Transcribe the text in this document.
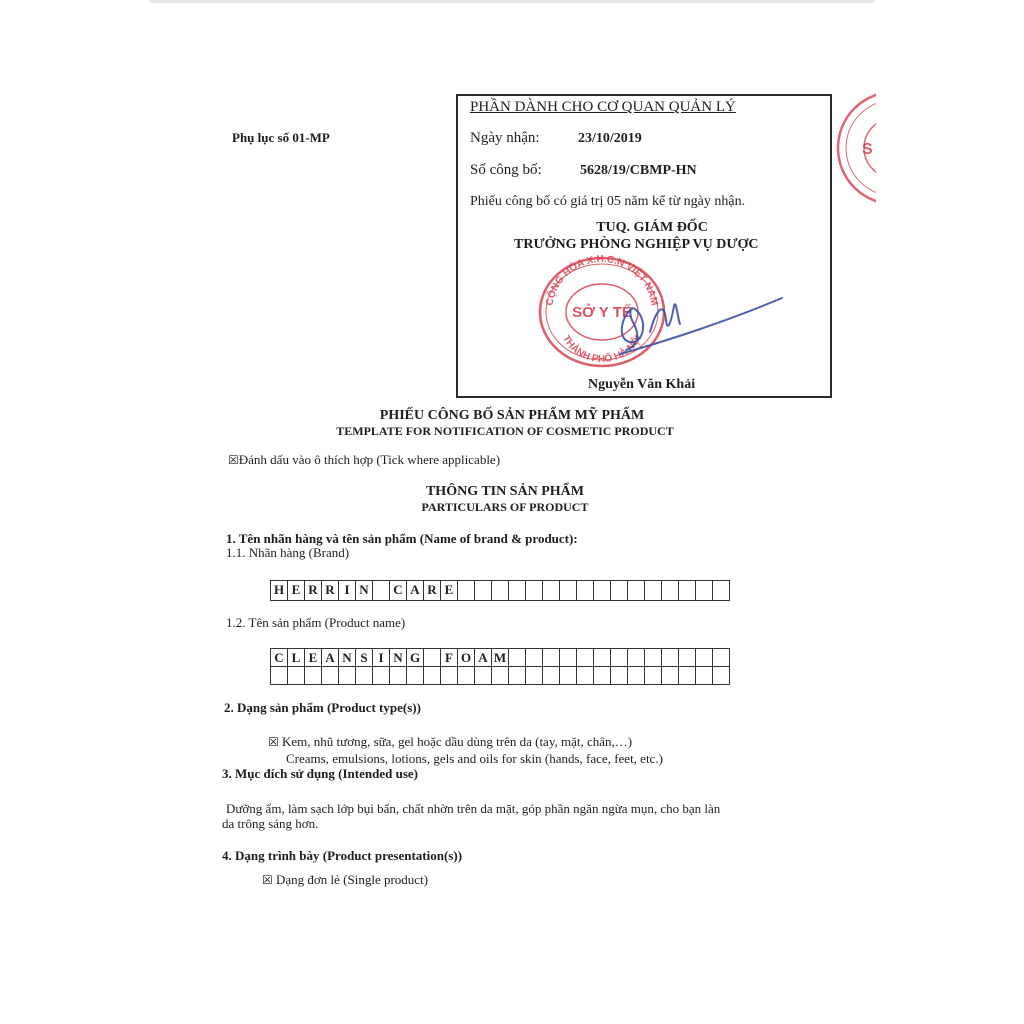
Phụ lục số 01-MP
PHẦN DÀNH CHO CƠ QUAN QUẢN LÝ
Ngày nhận:	23/10/2019
Số công bố:	5628/19/CBMP-HN
Phiếu công bố có giá trị 05 năm kể từ ngày nhận.
TUQ. GIÁM ĐỐC
TRƯỞNG PHÒNG NGHIỆP VỤ DƯỢC
Nguyễn Văn Khải
CỘNG HÒA X.H.C.N VIỆT NAM
THÀNH PHỐ HÀ NỘI
SỞ Y TẾ
S
PHIẾU CÔNG BỐ SẢN PHẨM MỸ PHẨM
TEMPLATE FOR NOTIFICATION OF COSMETIC PRODUCT
☒Đánh dấu vào ô thích hợp (Tick where applicable)
THÔNG TIN SẢN PHẨM
PARTICULARS OF PRODUCT
1. Tên nhãn hàng và tên sản phẩm (Name of brand & product):
1.1. Nhãn hàng (Brand)
H E R R I N	C A R E
1.2. Tên sản phẩm (Product name)
C L E A N S I N G	F O A M
2. Dạng sản phẩm (Product type(s))
☒ Kem, nhũ tương, sữa, gel hoặc dầu dùng trên da (tay, mặt, chân,…)
Creams, emulsions, lotions, gels and oils for skin (hands, face, feet, etc.)
3. Mục đích sử dụng (Intended use)
Dưỡng ẩm, làm sạch lớp bụi bẩn, chất nhờn trên da mặt, góp phần ngăn ngừa mụn, cho bạn làn
da trông sáng hơn.
4. Dạng trình bày (Product presentation(s))
☒ Dạng đơn lẻ (Single product)
